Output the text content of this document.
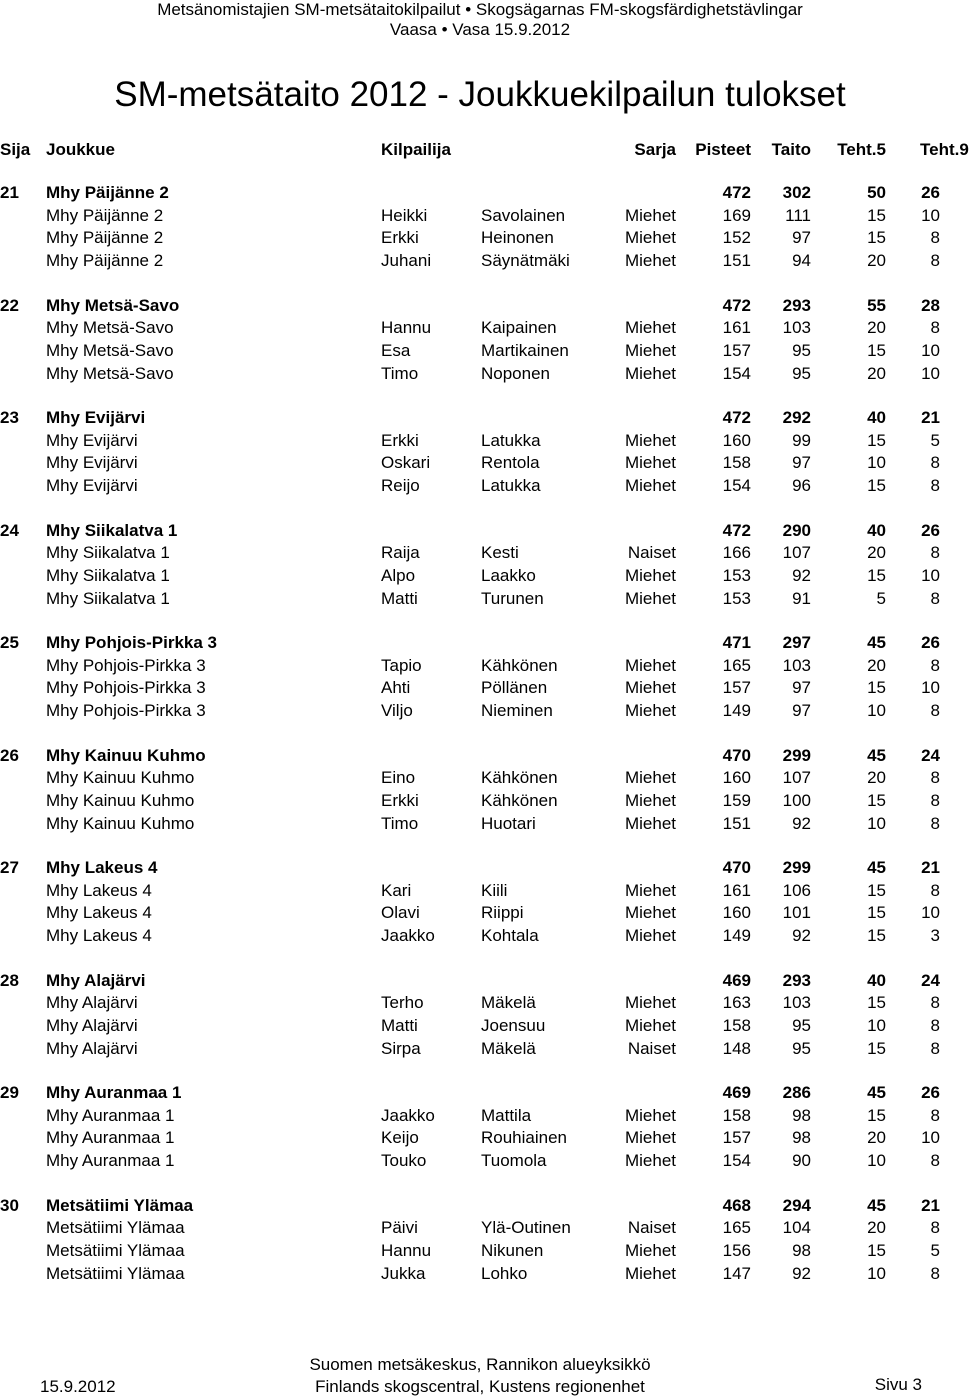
Metsänomistajien SM-metsätaitokilpailut • Skogsägarnas FM-skogsfärdighetstävlingar
Vaasa • Vasa 15.9.2012
SM-metsätaito 2012 - Joukkuekilpailun tulokset
Sija Joukkue	Kilpailija	Sarja Pisteet Taito Teht.5 Teht.9
21 Mhy Päijänne 2	472 302	50 26
Mhy Päijänne 2	Heikki	Savolainen	Miehet	169 111	15 10
Mhy Päijänne 2	Erkki	Heinonen	Miehet	152 97	15	8
Mhy Päijänne 2	Juhani	Säynätmäki	Miehet	151 94	20	8
22 Mhy Metsä-Savo	472 293	55 28
Mhy Metsä-Savo	Hannu	Kaipainen	Miehet	161 103	20	8
Mhy Metsä-Savo	Esa	Martikainen	Miehet	157 95	15 10
Mhy Metsä-Savo	Timo	Noponen	Miehet	154 95	20 10
23 Mhy Evijärvi	472 292	40 21
Mhy Evijärvi	Erkki	Latukka	Miehet	160 99	15	5
Mhy Evijärvi	Oskari	Rentola	Miehet	158 97	10	8
Mhy Evijärvi	Reijo	Latukka	Miehet	154 96	15	8
24 Mhy Siikalatva 1	472 290	40 26
Mhy Siikalatva 1	Raija	Kesti	Naiset	166 107	20	8
Mhy Siikalatva 1	Alpo	Laakko	Miehet	153 92	15 10
Mhy Siikalatva 1	Matti	Turunen	Miehet	153 91	5	8
25 Mhy Pohjois-Pirkka 3	471 297	45 26
Mhy Pohjois-Pirkka 3	Tapio	Kähkönen	Miehet	165 103	20	8
Mhy Pohjois-Pirkka 3	Ahti	Pöllänen	Miehet	157 97	15 10
Mhy Pohjois-Pirkka 3	Viljo	Nieminen	Miehet	149 97	10	8
26 Mhy Kainuu Kuhmo	470 299	45 24
Mhy Kainuu Kuhmo	Eino	Kähkönen	Miehet	160 107	20	8
Mhy Kainuu Kuhmo	Erkki	Kähkönen	Miehet	159 100	15	8
Mhy Kainuu Kuhmo	Timo	Huotari	Miehet	151 92	10	8
27 Mhy Lakeus 4	470 299	45 21
Mhy Lakeus 4	Kari	Kiili	Miehet	161 106	15	8
Mhy Lakeus 4	Olavi	Riippi	Miehet	160 101	15 10
Mhy Lakeus 4	Jaakko	Kohtala	Miehet	149 92	15	3
28 Mhy Alajärvi	469 293	40 24
Mhy Alajärvi	Terho	Mäkelä	Miehet	163 103	15	8
Mhy Alajärvi	Matti	Joensuu	Miehet	158 95	10	8
Mhy Alajärvi	Sirpa	Mäkelä	Naiset	148 95	15	8
29 Mhy Auranmaa 1	469 286	45 26
Mhy Auranmaa 1	Jaakko	Mattila	Miehet	158 98	15	8
Mhy Auranmaa 1	Keijo	Rouhiainen	Miehet	157 98	20 10
Mhy Auranmaa 1	Touko	Tuomola	Miehet	154 90	10	8
30 Metsätiimi Ylämaa	468 294	45 21
Metsätiimi Ylämaa	Päivi	Ylä-Outinen	Naiset	165 104	20	8
Metsätiimi Ylämaa	Hannu	Nikunen	Miehet	156 98	15	5
Metsätiimi Ylämaa	Jukka	Lohko	Miehet	147 92	10	8
15.9.2012
Suomen metsäkeskus, Rannikon alueyksikkö
Finlands skogscentral, Kustens regionenhet	Sivu 3
